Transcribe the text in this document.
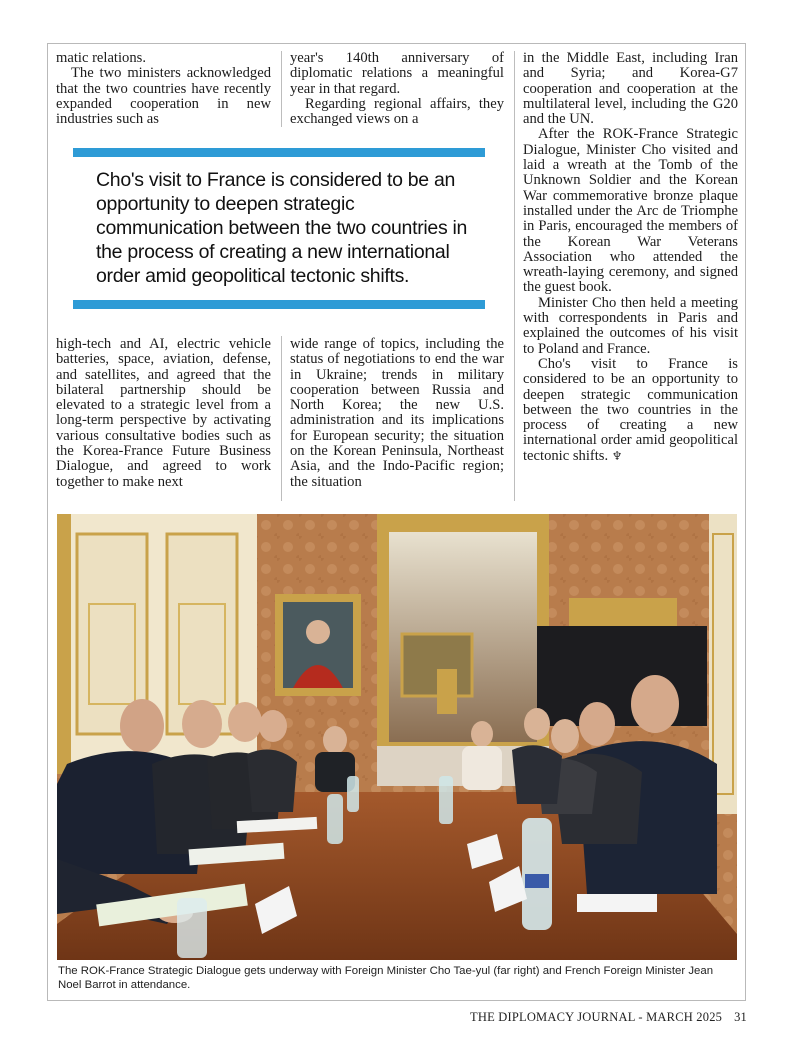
matic relations.

The two ministers acknowledged that the two countries have recently expanded cooperation in new industries such as

year's 140th anniversary of diplomatic relations a meaningful year in that regard.

Regarding regional affairs, they exchanged views on a

in the Middle East, including Iran and Syria; and Korea-G7 cooperation and cooperation at the multilateral level, including the G20 and the UN.

After the ROK-France Strategic Dialogue, Minister Cho visited and laid a wreath at the Tomb of the Unknown Soldier and the Korean War commemorative bronze plaque installed under the Arc de Triomphe in Paris, encouraged the members of the Korean War Veterans Association who attended the wreath-laying ceremony, and signed the guest book.

Minister Cho then held a meeting with correspondents in Paris and explained the outcomes of his visit to Poland and France.

Cho's visit to France is considered to be an opportunity to deepen strategic communication between the two countries in the process of creating a new international order amid geopolitical tectonic shifts. ♆

Cho's visit to France is considered to be an opportunity to deepen strategic communication between the two countries in the process of creating a new international order amid geopolitical tectonic shifts.

high-tech and AI, electric vehicle batteries, space, aviation, defense, and satellites, and agreed that the bilateral partnership should be elevated to a strategic level from a long-term perspective by activating various consultative bodies such as the Korea-France Future Business Dialogue, and agreed to work together to make next

wide range of topics, including the status of negotiations to end the war in Ukraine; trends in military cooperation between Russia and North Korea; the new U.S. administration and its implications for European security; the situation on the Korean Peninsula, Northeast Asia, and the Indo-Pacific region; the situation

The ROK-France Strategic Dialogue gets underway with Foreign Minister Cho Tae-yul (far right) and French Foreign Minister Jean Noel Barrot in attendance.
THE DIPLOMACY JOURNAL - MARCH 2025 31
